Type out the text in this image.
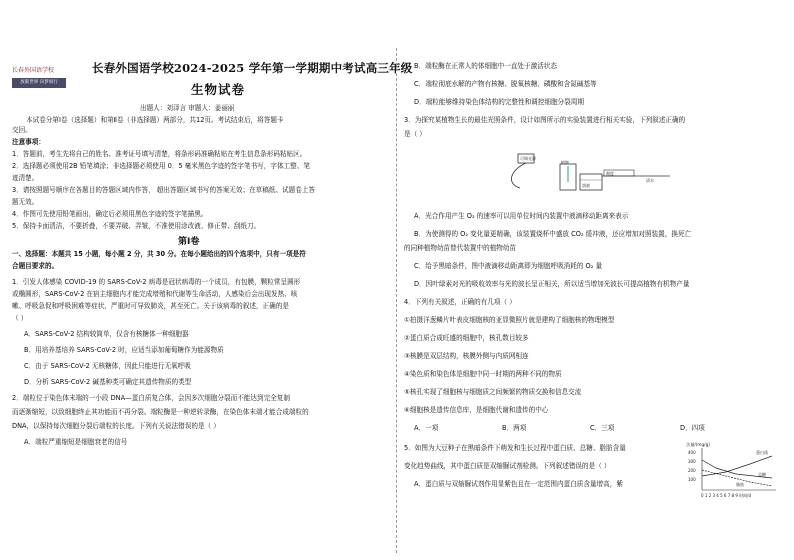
长春外国语学校
放眼世界 向梦而行
长春外国语学校2024-2025 学年第一学期期中考试高三年级
生物试卷
出题人：刘泽言 审题人：姜丽丽
本试卷分第Ⅰ卷（选择题）和第Ⅱ卷（非选择题）两部分，共12页。考试结束后，将答题卡
交回。
注意事项：
1．答题前，考生先将自己的姓名、准考证号填写清楚，将条形码准确粘贴在考生信息条形码粘贴区。
2．选择题必须使用2B 铅笔填涂；非选择题必须使用 0．5 毫米黑色字迹的签字笔书写，字体工整、笔
迹清楚。
3．请按照题号顺序在各题目的答题区域内作答， 超出答题区域书写的答案无效；在草稿纸、试题卷上答
题无效。
4．作图可先使用铅笔画出，确定后必须用黑色字迹的签字笔描黑。
5．保持卡面清洁，不要折叠，不要弄破、弄皱，不准使用涂改液、修正带、刮纸刀。
第Ⅰ卷
一、选择题：本题共 15 小题，每小题 2 分，共 30 分。在每小题给出的四个选项中，只有一项是符
合题目要求的。
1．引发人体感染 COVID-19 的 SARS-CoV-2 病毒是冠状病毒的一个成员，有包膜，颗粒常呈圆形
或椭圆形，SARS-CoV-2 在宿主细胞内才能完成增殖和代谢等生命活动，人感染后会出现发热、咳
嗽、呼吸急促和呼吸困难等症状，严重时可导致肺炎，甚至死亡。关于该病毒的叙述，正确的是
（ ）
A．SARS-CoV-2 结构较简单，仅含有核糖体一种细胞器
B．用培养基培养 SARS-CoV-2 时，应适当添加葡萄糖作为能源物质
C．由于 SARS-CoV-2 无核糖体，因此只能进行无氧呼吸
D．分析 SARS-CoV-2 碱基种类可确定其遗传物质的类型
2．端粒位于染色体末端的一小段 DNA—蛋白质复合体，会因多次细胞分裂而不能达到完全复制
而逐渐缩短，以致细胞终止其功能而不再分裂。端粒酶是一种逆转录酶，在染色体末端才能合成端粒的
DNA，以保持每次细胞分裂后端粒的长度。下列有关说法错误的是（ ）
A．端粒严重缩短是细胞衰老的信号
B．端粒酶在正常人的体细胞中一直处于激活状态
C．端粒彻底水解的产物有核糖、脱氧核糖、磷酸和含氮碱基等
D．端粒能够维持染色体结构的完整性和调控细胞分裂周期
3．为探究某植物生长的最佳光照条件，设计如图所示的实验装置进行相关实验，下列叙述正确的
是（ ）
可调光源
植物
溶液
刻度
清水
A．光合作用产生 O₂ 的速率可以用单位时间内装置中液滴移动距离来表示
B．为使测得的 O₂ 变化量更精确，该装置烧杯中盛放 CO₂ 缓冲液，还应增加对照装置，换死亡
的同种植物幼苗替代装置中的植物幼苗
C．给予黑暗条件，图中液滴移动距离即为细胞呼吸消耗的 O₂ 量
D．因叶绿素对光的吸收效率与光的波长呈正相关，所以适当增加光波长可提高植物有机物产量
4．下列有关叙述，正确的有几项（ ）
①拍摄洋葱鳞片叶表皮细胞核的亚显微照片就是建构了细胞核的物理模型
②蛋白质合成旺盛的细胞中，核孔数目较多
③核膜是双层结构，核膜外侧与内质网相连
④染色质和染色体是细胞中同一时期的两种不同的物质
⑤核孔实现了细胞核与细胞质之间频繁的物质交换和信息交流
⑥细胞核是遗传信息库，是细胞代谢和遗传的中心
A．一项	B．两项	C．三项	D．四项
5．如图为大豆种子在黑暗条件下萌发和生长过程中蛋白质、总糖、脂肪含量
变化趋势曲线，其中蛋白质是双缩脲试剂检测。下列叙述错误的是（ ）
A．蛋白质与双缩脲试剂作用显紫色且在一定范围内蛋白质含量增高，紫
含量/(mg/g)
400
300
200
100
蛋白质
总糖
脂肪
0 1 2 3 4 5 6 7 8 9 时间/d
